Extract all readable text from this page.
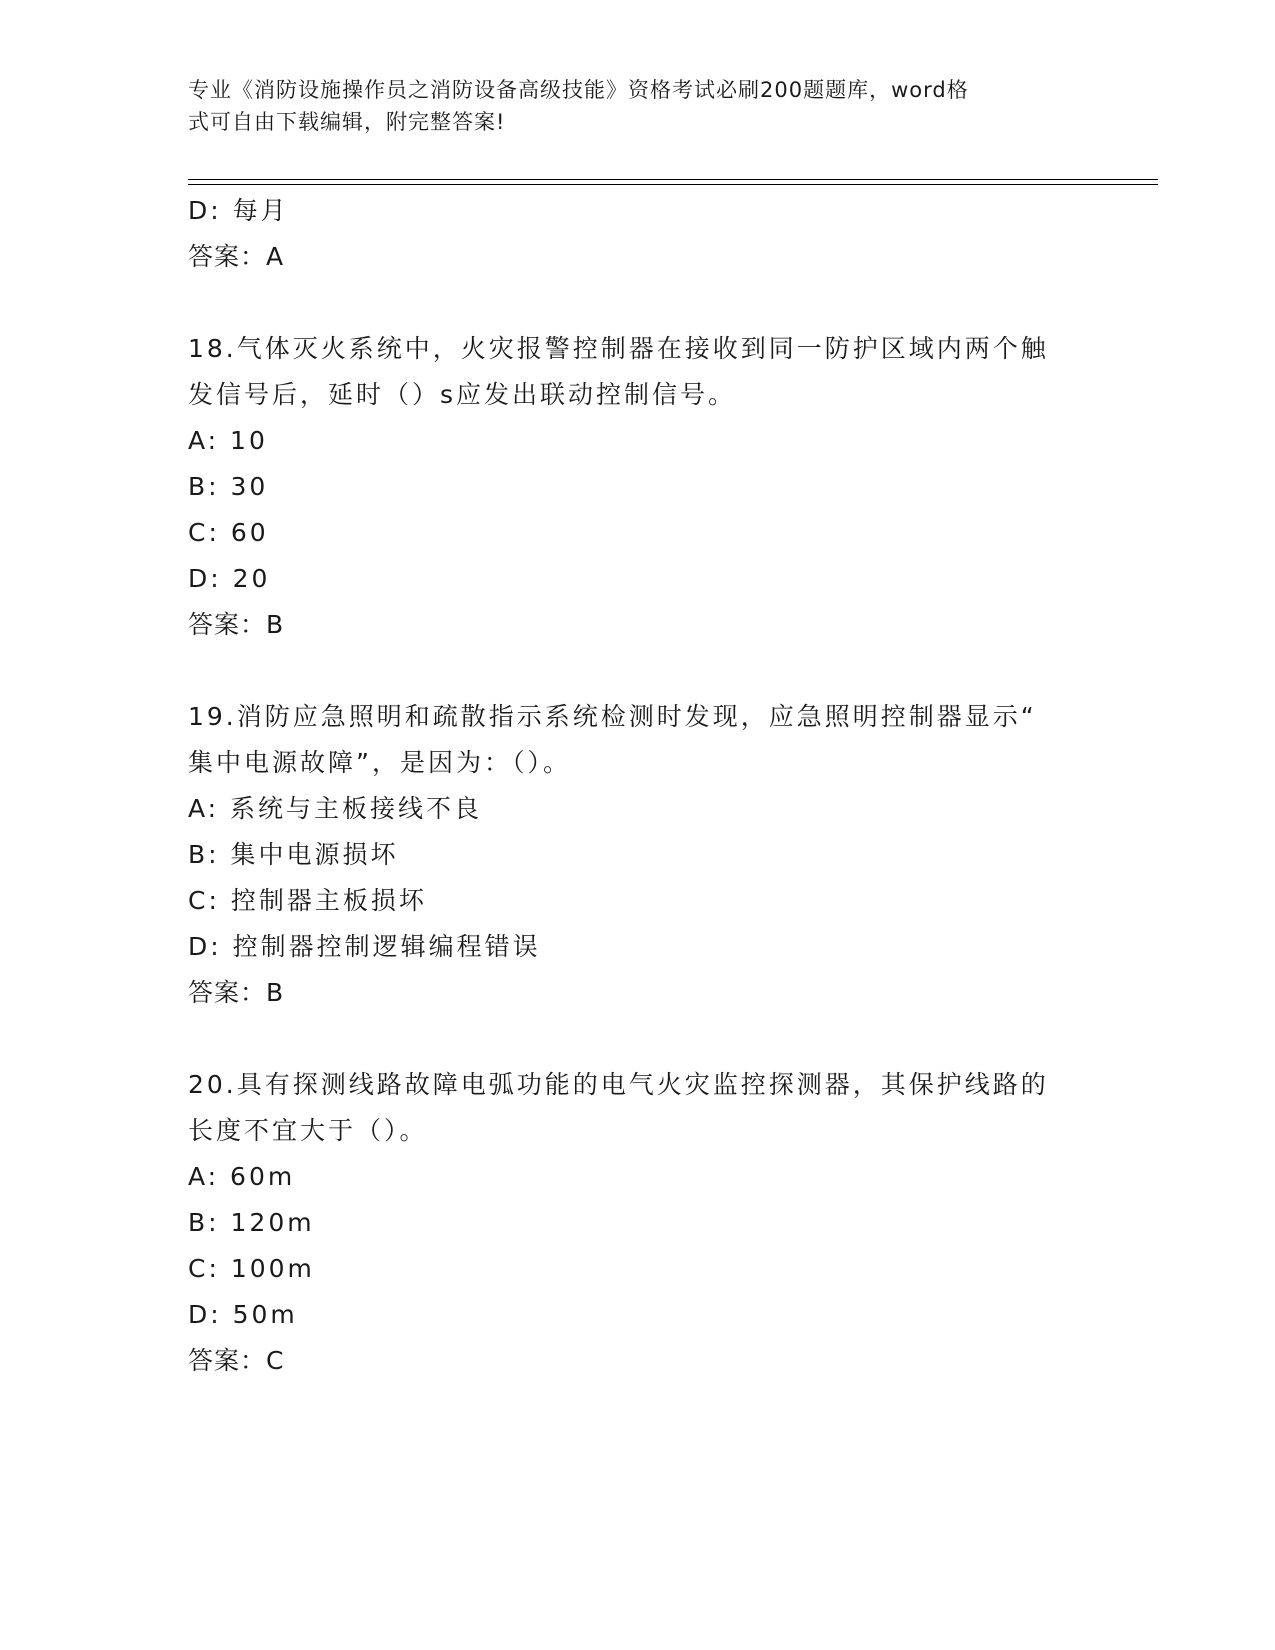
专业《消防设施操作员之消防设备高级技能》资格考试必刷200题题库，word格
式可自由下载编辑，附完整答案!
D: 每月
答案：A
18.气体灭火系统中，火灾报警控制器在接收到同一防护区域内两个触
发信号后，延时（）s应发出联动控制信号。
A: 10
B: 30
C: 60
D: 20
答案：B
19.消防应急照明和疏散指示系统检测时发现，应急照明控制器显示“
集中电源故障”，是因为：（）。
A: 系统与主板接线不良
B: 集中电源损坏
C: 控制器主板损坏
D: 控制器控制逻辑编程错误
答案：B
20.具有探测线路故障电弧功能的电气火灾监控探测器，其保护线路的
长度不宜大于（）。
A: 60m
B: 120m
C: 100m
D: 50m
答案：C
